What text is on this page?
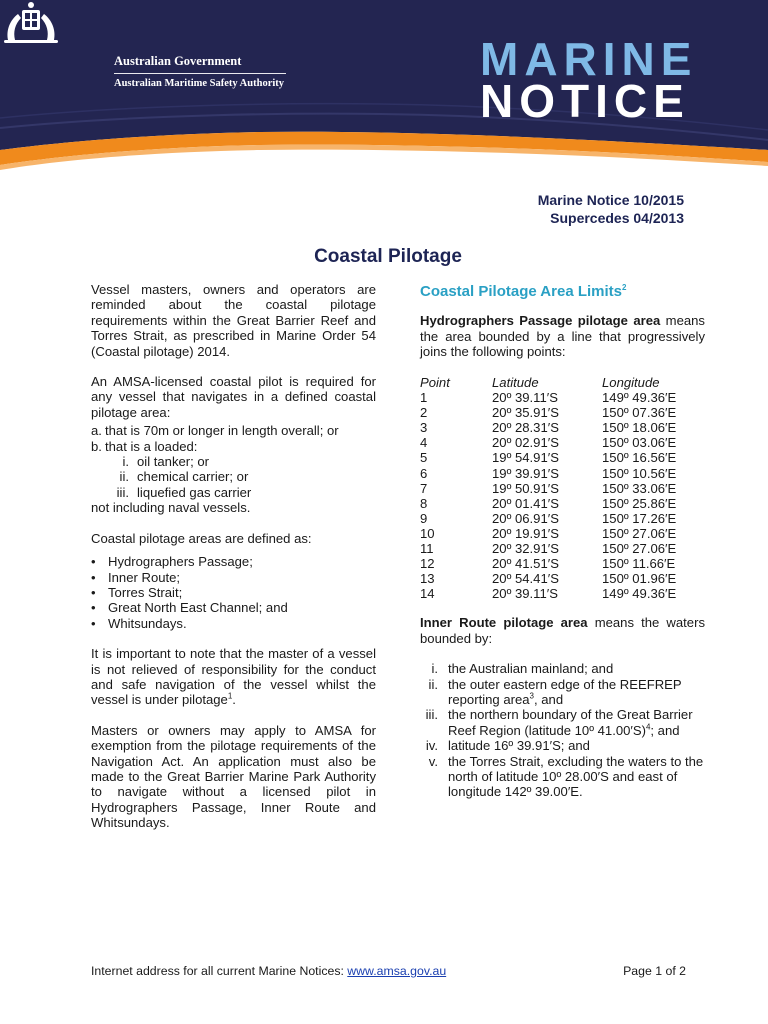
Australian Government
Australian Maritime Safety Authority	MARINE
NOTICE
Marine Notice 10/2015
Supercedes 04/2013
Coastal Pilotage

Vessel masters, owners and operators are reminded about the coastal pilotage requirements within the Great Barrier Reef and Torres Strait, as prescribed in Marine Order 54 (Coastal pilotage) 2014.

An AMSA-licensed coastal pilot is required for any vessel that navigates in a defined coastal pilotage area:

a. that is 70m or longer in length overall; or
b. that is a loaded:
i. oil tanker; or
ii. chemical carrier; or
iii. liquefied gas carrier

not including naval vessels.

Coastal pilotage areas are defined as:

• Hydrographers Passage;
• Inner Route;
• Torres Strait;
• Great North East Channel; and
• Whitsundays.

It is important to note that the master of a vessel is not relieved of responsibility for the conduct and safe navigation of the vessel whilst the vessel is under pilotage$^1$.

Masters or owners may apply to AMSA for exemption from the pilotage requirements of the Navigation Act. An application must also be made to the Great Barrier Marine Park Authority to navigate without a licensed pilot in Hydrographers Passage, Inner Route and Whitsundays.

Coastal Pilotage Area Limits$^2$

Hydrographers Passage pilotage area means the area bounded by a line that progressively joins the following points:

Point	Latitude	Longitude
1	20º 39.11′S	149º 49.36′E
2	20º 35.91′S	150º 07.36′E
3	20º 28.31′S	150º 18.06′E
4	20º 02.91′S	150º 03.06′E
5	19º 54.91′S	150º 16.56′E
6	19º 39.91′S	150º 10.56′E
7	19º 50.91′S	150º 33.06′E
8	20º 01.41′S	150º 25.86′E
9	20º 06.91′S	150º 17.26′E
10	20º 19.91′S	150º 27.06′E
11	20º 32.91′S	150º 27.06′E
12	20º 41.51′S	150º 11.66′E
13	20º 54.41′S	150º 01.96′E
14	20º 39.11′S	149º 49.36′E

Inner Route pilotage area means the waters bounded by:

i. the Australian mainland; and
ii. the outer eastern edge of the REEFREP reporting area$^3$, and
iii. the northern boundary of the Great Barrier Reef Region (latitude 10º 41.00′S)$^4$; and
iv. latitude 16º 39.91′S; and
v. the Torres Strait, excluding the waters to the north of latitude 10º 28.00′S and east of longitude 142º 39.00′E.
Internet address for all current Marine Notices: www.amsa.gov.au	Page 1 of 2
